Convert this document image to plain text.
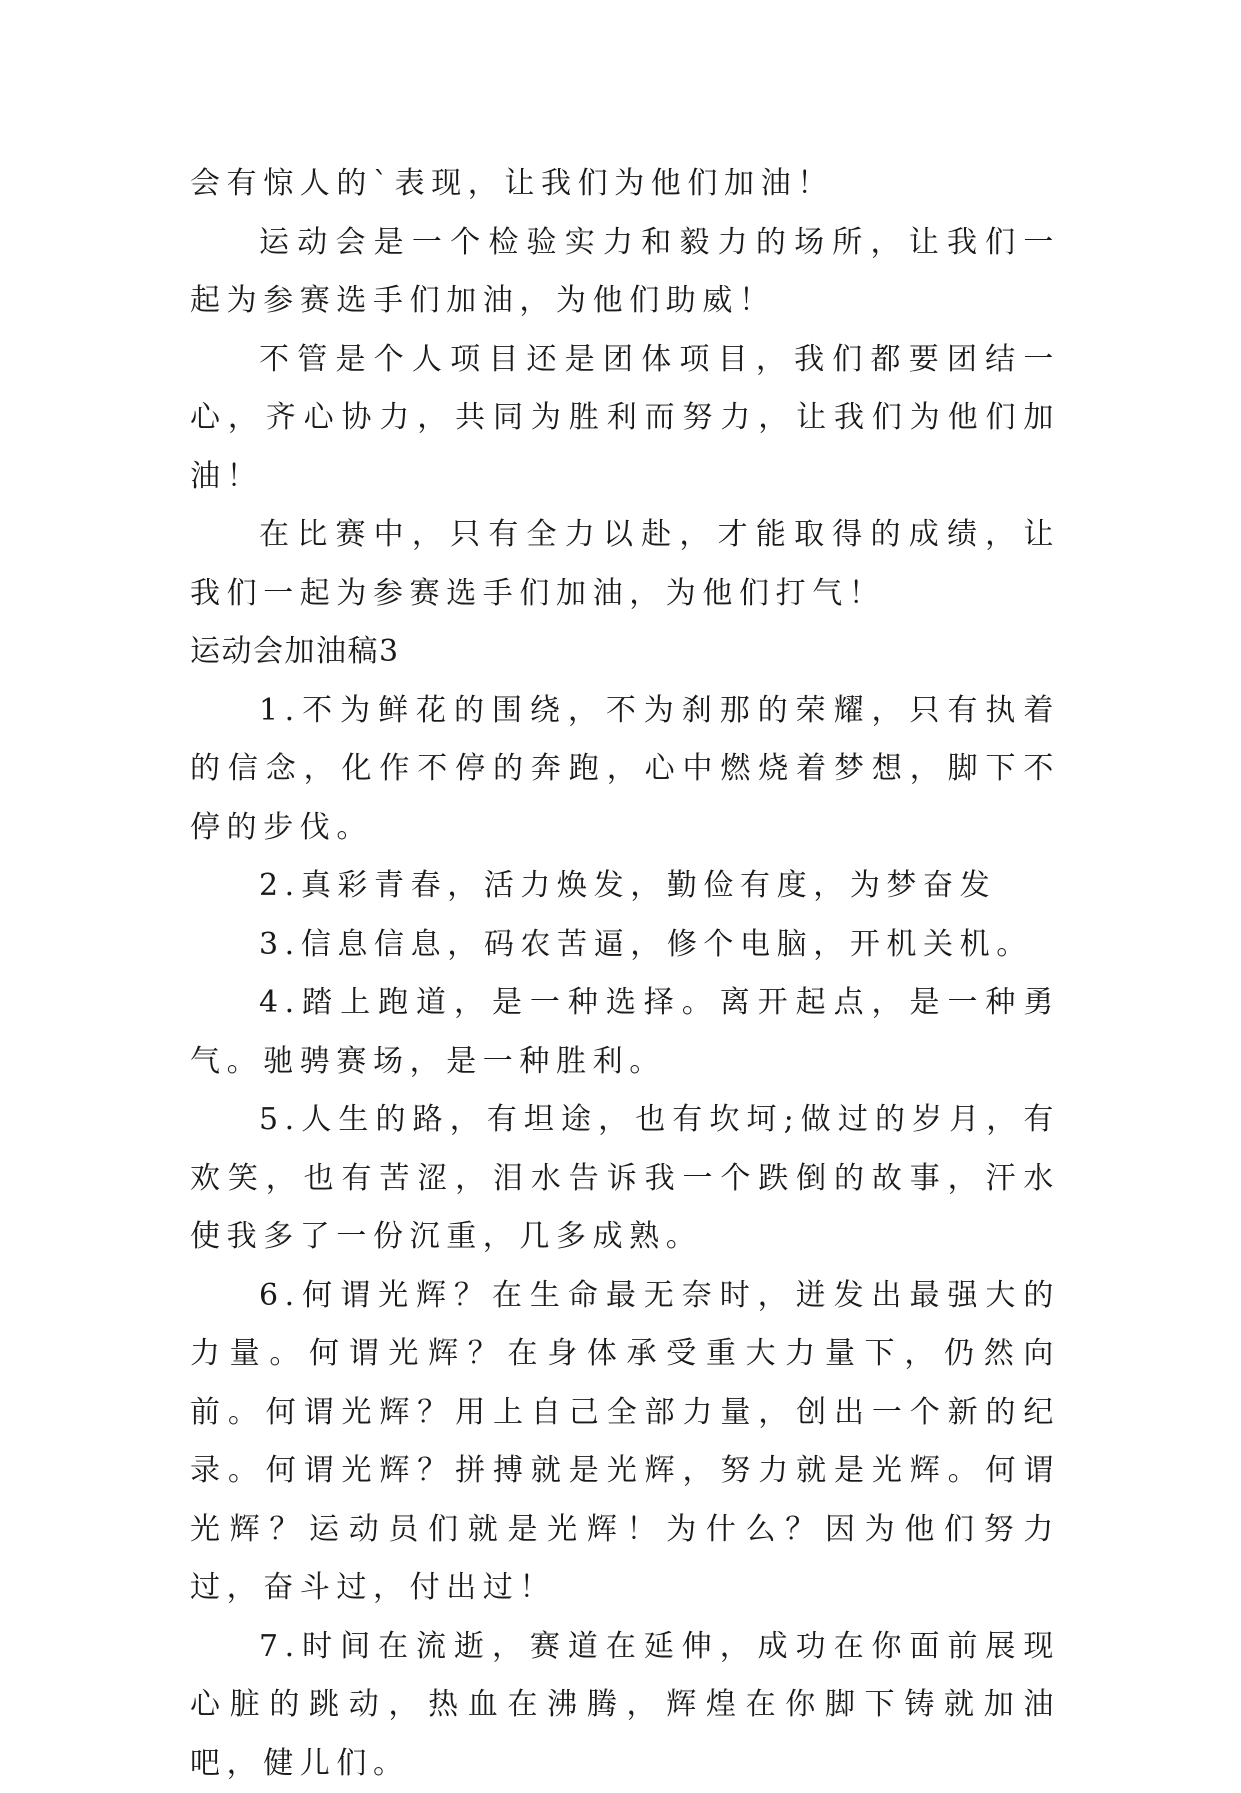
会有惊人的`表现，让我们为他们加油！

运动会是一个检验实力和毅力的场所，让我们一起为参赛选手们加油，为他们助威！

不管是个人项目还是团体项目，我们都要团结一心，齐心协力，共同为胜利而努力，让我们为他们加油！

在比赛中，只有全力以赴，才能取得的成绩，让我们一起为参赛选手们加油，为他们打气！

运动会加油稿3

1.不为鲜花的围绕，不为刹那的荣耀，只有执着的信念，化作不停的奔跑，心中燃烧着梦想，脚下不停的步伐。

2.真彩青春，活力焕发，勤俭有度，为梦奋发

3.信息信息，码农苦逼，修个电脑，开机关机。

4.踏上跑道，是一种选择。离开起点，是一种勇气。驰骋赛场，是一种胜利。

5.人生的路，有坦途，也有坎坷;做过的岁月，有欢笑，也有苦涩，泪水告诉我一个跌倒的故事，汗水使我多了一份沉重，几多成熟。

6.何谓光辉？在生命最无奈时，迸发出最强大的力量。何谓光辉？在身体承受重大力量下，仍然向前。何谓光辉？用上自己全部力量，创出一个新的纪录。何谓光辉？拼搏就是光辉，努力就是光辉。何谓光辉？运动员们就是光辉！为什么？因为他们努力过，奋斗过，付出过！

7.时间在流逝，赛道在延伸，成功在你面前展现心脏的跳动，热血在沸腾，辉煌在你脚下铸就加油吧，健儿们。
